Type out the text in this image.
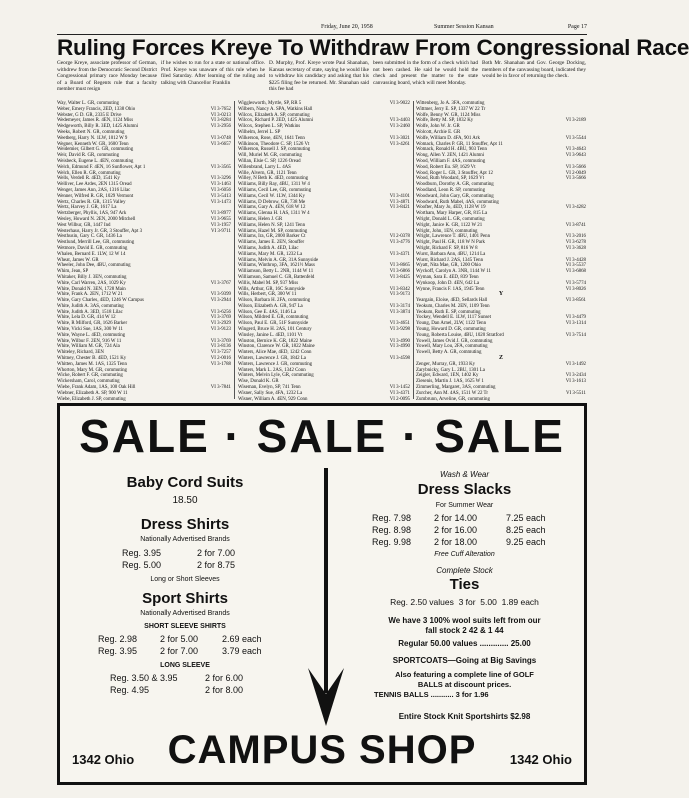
Friday, June 20, 1958	Summer Session Kansan	Page 17
Ruling Forces Kreye To Withdraw From Congressional Race
George Kreye, associate professor of German, withdrew from the Democratic Second District Congressional primary race Monday because of a Board of Regents rule that a faculty member must resign
if he wishes to run for a state or national office. Prof. Kreye was unaware of this rule when he filed Saturday. After learning of the ruling and talking with Chancellor Franklin
D. Murphy, Prof. Kreye wrote Paul Shanahan, Kansas secretary of state, saying he would like to withdraw his candidacy and asking that his $225 filing fee be returned. Mr. Shanahan said this fee had
been submitted in the form of a check which had not been cashed. He said he would hold the check and present the matter to the state canvassing board, which will meet Monday.
Both Mr. Shanahan and Gov. George Docking, members of the canvassing board, indicated they would be in favor of returning the check.
Way, Walter L. GR, commuting
Weber, Emery Francis, 2ED, 1338 Ohio	VI 3-7652
Webster, G D. GR, 2335 E Drive	VI 3-0213
Wedemeyer, James R. 4EN, 1124 Miss	VI 3-8284
Wedgeworth, Billy R. 3ED, 1425 Alumni	VI 3-2956
Weeks, Robert N. GR, commuting
Weetberg, Harry N. 1LW, 1012 W 9	VI 3-0748
Wegner, Kenneth W. GR, 1600 Tenn	VI 3-6657
Weidemier, Gilbert G. GR, commuting
Weir, David R. GR, commuting
Weisbeck, Eugene L. 4EN, commuting
Welch, Edmund F. 4EN, 16 Sunflower, Apt 1	VI 3-3565
Welch, Ellen R. GR, commuting
Wells, Verdell R. 4ED, 1541 Ky	VI 3-3296
Welliver, Lee Ardes, 2EN 1315 Oread	VI 3-1463
Wenger, James Ann, 2AS, 1316 Lilac	VI 3-6056
Wenner, Wilfred R. GR, 1029 Vermont	VI 3-5413
Wertz, Charles R. GR, 1315 Valley	VI 3-1473
Wertz, Harvey J. GR, 1617 La
Wertzberger, Phyllis, 1AS, 947 Ark	VI 3-8977
Wesley, Howard N. 2EN, 2000 Mitchell	VI 3-9655
West Wilbur, GR, 1447 Ind	VI 3-1957
Westerhaus, Harry Jr. GR, 3 Stouffer, Apt 3	VI 3-9711
Westhusin, Gary C. GR, 1436 La
Westlund, Merrill Lee, GR, commuting
Wetmore, David E. GR, commuting
Whalen, Bernard E. 1LW, 12 W 14
Wheat, James W. GR
Wheeler, John Dee, 4BU, commuting
Whim, Jean, SP
Whitaker, Billy J. 3EN, commuting
White, Carl Warren, 2AS, 1029 Ky	VI 3-3767
White, Donald N. 3EN, 1728 Main
White, Frank A. 2EN, 1712 W 21	VI 3-9399
White, Gary Charles, 4ED, 1246 W Campus	VI 3-2944
White, Judith A. 3AS, commuting
White, Judith A. 3ED, 1518 Lilac	VI 3-6256
White, Lela D. GR, 414 W 12	VI 3-3769
White, R Milford, GR, 1626 Barker	VI 3-2929
White, Vicki Sue, 1AS, 300 W 11	VI 3-9123
White, Wayne L. 4ED, commuting
White, Wilbur F. 2EN, 916 W 11	VI 3-3769
White, William M. GR, 724 Ala	VI 3-8136
Whiteley, Richard, 3EN	VI 3-7257
Whitney, Chester B. 4ED, 1521 Ky	VI 2-0016
Whitten, James M. 1AS, 1325 Tenn	VI 3-1788
Whorton, Mary M. GR, commuting
Wicke, Robert F. GR, commuting
Wickersham, Carol, commuting
Wiebe, Frank Adam, 1AS, 100 Oak Hill	VI 3-7841
Wiebner, Elizabeth A. SP, 900 W 11
Wiebe, Elizabeth J. SP, commuting
Wigglesworth, Myrtle, SP, RR 5	VI 3-9022
Wilbern, Nancy A. SPA, Watkins Hall
Wilcox, Elizabeth A. SP, commuting
Wilcox, Richard P. 2ED, 1425 Alumni	VI 3-4403
Wilcox, Stephen L. SP, Watkins	VI 3-2460
Wilhelm, Jerrel L. SP
Wilkerson, Rose, 4EN, 1641 Tenn	VI 3-3021
Wilkinson, Theodore C. SP, 1526 Vt	VI 3-4261
Wilkerson, Russell J. SP, commuting
Will, Muriel M. GR, commuting
Willan, Elsie C. SP, 1226 Oread
Willenbrand, Larry L. 4AS
Wille, Alvern, GR, 1121 Tenn
Willey, N Beth K. 4ED, commuting
Williams, Billy Ray, 4BU, 1311 W 4
Williams, Cecil Lee, GR, commuting
Williams, Cecil W. 1LW, 1344 Ky	VI 3-4101
Williams, D Debrow, GR, 738 Me	VI 3-4871
Williams, Gary A. 4EN, 618 W 12	VI 3-8421
Williams, Glenna H. 1AS, 1311 W 4
Williams, Helen J. GR
Williams, Helen N. SP, 1241 Tenn
Williams, Hazel M. SP, commuting
Williams, Ira, GR, 2000 Barker Ct	VI 2-0378
Williams, James E. 2EN, Stouffer	VI 3-4776
Williams, Judith A. 4ED, Lilac
Williams, Mary M. GR, 1232 La	VI 3-4371
Williams, Melvin A. GR, 31A Sunnyside
Williams, Winthrop, 3FA, 1621½ Mass	VI 3-8665
Williamson, Betty L. 2NR, 1144 W 11	VI 3-6866
Williamson, Samuel C. GR, Battenfeld	VI 3-8425
Willis, Mabel M. SP, 937 Miss
Wills, Arthur, GR, 16C Sunnyside	VI 3-8342
Wills, Herbert, GR, 300 W 11	VI 3-9173
Wilson, Barbara H. 2FA, commuting
Wilson, Elizabeth A. GR, 947 La	VI 3-3174
Wilson, Gee E. 4AS, 1146 La	VI 3-3874
Wilson, Mildred E. GR, commuting
Wilson, Paul E. GR, 51F Sunnyside	VI 3-4651
Wingerd, Bruce H. 2AS, 101 Century	VI 3-9298
Winsley, Janine L. 4ED, 1101 Vt
Winston, Bernice K. GR, 1822 Maine	VI 3-4990
Winston, Clarence W. GR, 1822 Maine	VI 3-4990
Winters, Alice Mae, 4ED, 1242 Conn
Winters, Lawrence J. GR, 1842 La	VI 3-4598
Winters, Lawrence J. GR, commuting
Winters, Mark L. 2AS, 1342 Conn
Winters, Melvin Lyle, GR, commuting
Wise, Donald K. GR
Wiseman, Evelyn, SP, 741 Tenn	VI 3-1452
Wisner, Sally Sue, 4FA, 1232 La	VI 3-4371
Wisner, William A. 4EN, 929 Conn	VI 2-0095
Wittenberg, Jo A. 3FA, commuting
Wittmer, Jerry E. SP, 1337 W 22 Tr
Wolfe, Benny W. GR, 1124 Miss
Wolfe, Betty M. SP, 1832 Ky	VI 3-2189
Wolfe, John W. Jr. GR
Wolcott, Archie E. GR
Wolfe, William D. 4FA, 901 Ark	VI 3-5544
Womack, Charles P. GR, 11 Stouffer, Apt 11
Womack, Ronald H. 4BU, 903 Tenn	VI 3-4643
Wong, Allen Y. 2EN, 1421 Alumni	VI 3-9643
Wood, William F. 4AS, commuting
Wood, Robert Eu. SP, 1629 Vt	VI 3-5666
Wood, Roger L. GR, 3 Stouffer, Apt 12	VI 2-0049
Wood, Ruth Woodard, SP, 1629 Vt	VI 3-5666
Woodburn, Dorothy A. GR, commuting
Woodland, Leon R. SP, commuting
Woodward, John Gary, GR, commuting
Woodward, Ruth Mabel, 4AS, commuting
Woofter, Mary Jo, 4ED, 1128 W 19	VI 3-4282
Wortham, Mary Harper, GR, 815 La
Wright, Donald L. GR, commuting
Wright, Janice K. GR, 1122 W 21	VI 3-8741
Wright, John, 1EN, commuting
Wright, Lawrence T. 4BU, 1401 Penn	VI 3-2016
Wright, Paul H. GR, 118 W N Park	VI 3-6278
Wright, Richard F. SP, 816 W 8	VI 3-3628
Wurst, Barbara Ann, 4BU, 1214 La
Wurst, Richard J. 2AS, 1345 Tenn	VI 3-4428
Wyatt, Nita Mae, GR, 1200 Ohio	VI 3-5537
Wyckoff, Carolyn A. 3NR, 1144 W 11	VI 3-6868
Wyman, Sara E. 4ED, 839 Tenn
Wynkoop, John D. 4EN, 642 La	VI 3-5774
Wynne, Francis F. 1AS, 1945 Tenn	VI 3-8026
Y
Yeargain, Eloise, 4ED, Sellards Hall	VI 3-8561
Yeokum, Charles M. 2EN, 1109 Tenn
Yeokum, Ruth E. SP, commuting
Yockey, Wendell E. 1LW, 1117 Sunset	VI 3-4479
Young, Dan Arnel, 2LW, 1122 Tenn	VI 3-1314
Young, Howard D. GR, commuting
Young, Roberta Louise, 4BU, 1020 Stratford	VI 3-7514
Yowell, James Ovid J. GR, commuting
Yowell, Mary Lou, 2FA, commuting
Yowell, Betty A. GR, commuting
Z
Zenger, Murray, GR, 1933 Ky	VI 3-1492
Zarybnicky, Gary L. 2BU, 1301 La
Zeigler, Edward, 1EN, 1402 Ky	VI 3-2434
Ziesenis, Martin J. 1AS, 1625 W 1	VI 3-1613
Zimmerling, Margaret, 3AS, commuting
Zurcher, Ann M. 4AS, 1511 W 22 Tr	VI 3-5511
Zumbrunn, Arveline, GR, commuting
SALE · SALE · SALE
Baby Cord Suits
18.50
Dress Shirts
Nationally Advertised Brands
Reg. 3.95	2 for 7.00
Reg. 5.00	2 for 8.75
Long or Short Sleeves
Sport Shirts
Nationally Advertised Brands
SHORT SLEEVE SHIRTS
Reg. 2.98	2 for 5.00	2.69 each
Reg. 3.95	2 for 7.00	3.79 each
LONG SLEEVE
Reg. 3.50 & 3.95	2 for 6.00
Reg. 4.95	2 for 8.00
Wash & Wear
Dress Slacks
For Summer Wear
Reg. 7.98	2 for 14.00	7.25 each
Reg. 8.98	2 for 16.00	8.25 each
Reg. 9.98	2 for 18.00	9.25 each
Free Cuff Alteration
Complete Stock
Ties
Reg. 2.50 values  3 for  5.00  1.89 each
We have 3 100% wool suits left from our
fall stock 2 42 & 1 44
Regular 50.00 values ............. 25.00
SPORTCOATS—Going at Big Savings
Also featuring a complete line of GOLF
BALLS at discount prices.
TENNIS BALLS ........... 3 for 1.96
Entire Stock Knit Sportshirts $2.98
1342 Ohio CAMPUS SHOP	1342 Ohio
